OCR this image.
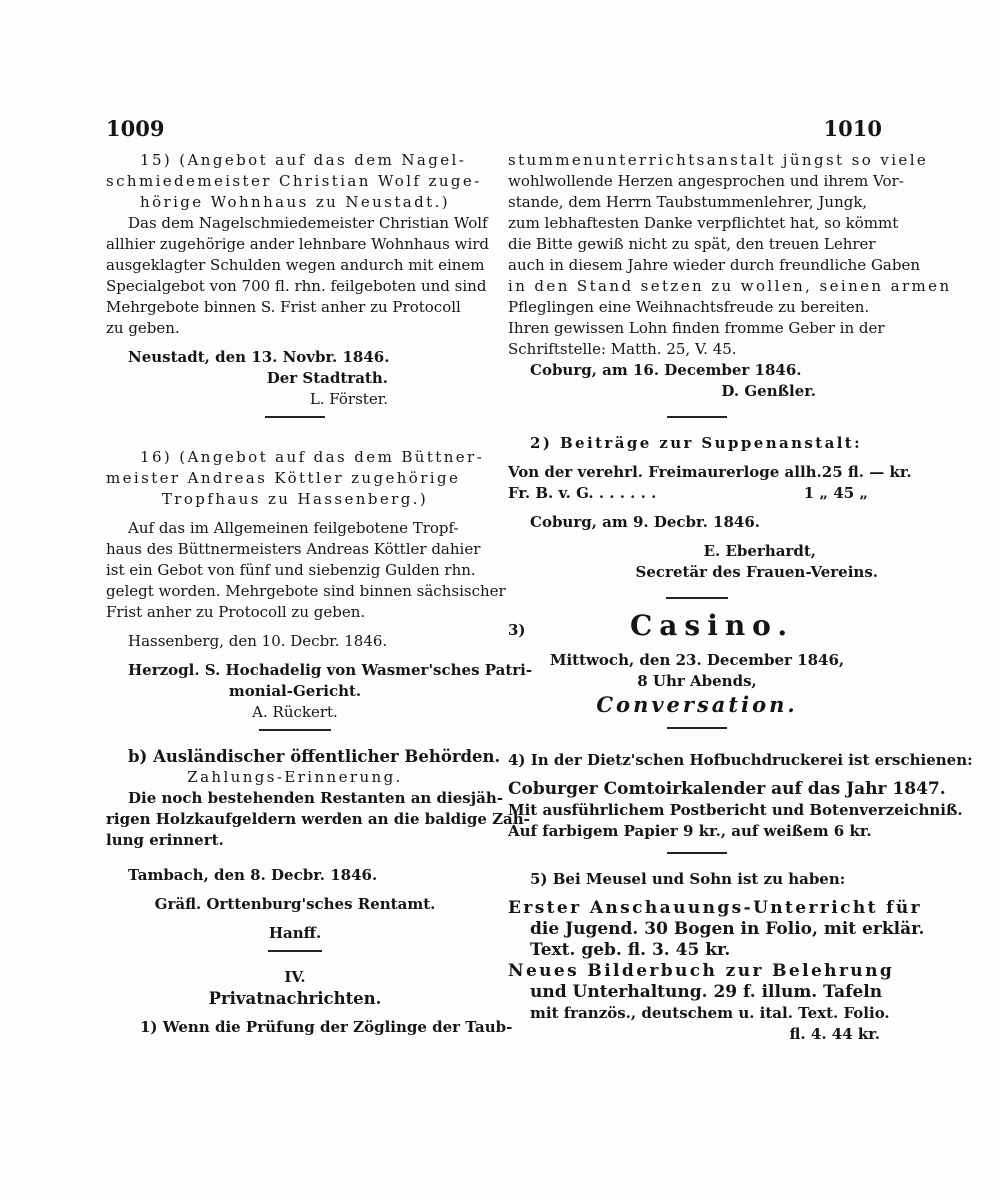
1009	1010
15) (Angebot auf das dem Nagel-
schmiedemeister Christian Wolf zuge-
hörige Wohnhaus zu Neustadt.)
Das dem Nagelschmiedemeister Christian Wolf
allhier zugehörige ander lehnbare Wohnhaus wird
ausgeklagter Schulden wegen andurch mit einem
Specialgebot von 700 fl. rhn. feilgeboten und sind
Mehrgebote binnen S. Frist anher zu Protocoll
zu geben.
Neustadt, den 13. Novbr. 1846.
Der Stadtrath.
L. Förster.
16) (Angebot auf das dem Büttner-
meister Andreas Köttler zugehörige
Tropfhaus zu Hassenberg.)
Auf das im Allgemeinen feilgebotene Tropf-
haus des Büttnermeisters Andreas Köttler dahier
ist ein Gebot von fünf und siebenzig Gulden rhn.
gelegt worden. Mehrgebote sind binnen sächsischer
Frist anher zu Protocoll zu geben.
Hassenberg, den 10. Decbr. 1846.
Herzogl. S. Hochadelig von Wasmer'sches Patri-
monial-Gericht.
A. Rückert.
b) Ausländischer öffentlicher Behörden.
Zahlungs-Erinnerung.
Die noch bestehenden Restanten an diesjäh-
rigen Holzkaufgeldern werden an die baldige Zah-
lung erinnert.
Tambach, den 8. Decbr. 1846.
Gräfl. Orttenburg'sches Rentamt.
Hanff.
IV.
Privatnachrichten.
1) Wenn die Prüfung der Zöglinge der Taub-
stummenunterrichtsanstalt jüngst so viele
wohlwollende Herzen angesprochen und ihrem Vor-
stande, dem Herrn Taubstummenlehrer, Jungk,
zum lebhaftesten Danke verpflichtet hat, so kömmt
die Bitte gewiß nicht zu spät, den treuen Lehrer
auch in diesem Jahre wieder durch freundliche Gaben
in den Stand setzen zu wollen, seinen armen
Pfleglingen eine Weihnachtsfreude zu bereiten.
Ihren gewissen Lohn finden fromme Geber in der
Schriftstelle: Matth. 25, V. 45.
Coburg, am 16. December 1846.
D. Genßler.
2) Beiträge zur Suppenanstalt:
Von der verehrl. Freimaurerloge allh. 25 fl. — kr.
Fr. B. v. G. . . . . . .	1 „ 45 „
Coburg, am 9. Decbr. 1846.
E. Eberhardt,
Secretär des Frauen-Vereins.
3)	Casino.
Mittwoch, den 23. December 1846,
8 Uhr Abends,
Conversation.
4) In der Dietz'schen Hofbuchdruckerei ist erschienen:
Coburger Comtoirkalender auf das Jahr 1847.
Mit ausführlichem Postbericht und Botenverzeichniß.
Auf farbigem Papier 9 kr., auf weißem 6 kr.
5) Bei Meusel und Sohn ist zu haben:
Erster Anschauungs-Unterricht für
die Jugend. 30 Bogen in Folio, mit erklär.
Text. geb. fl. 3. 45 kr.
Neues Bilderbuch zur Belehrung
und Unterhaltung. 29 f. illum. Tafeln
mit französ., deutschem u. ital. Text. Folio.
fl. 4. 44 kr.
